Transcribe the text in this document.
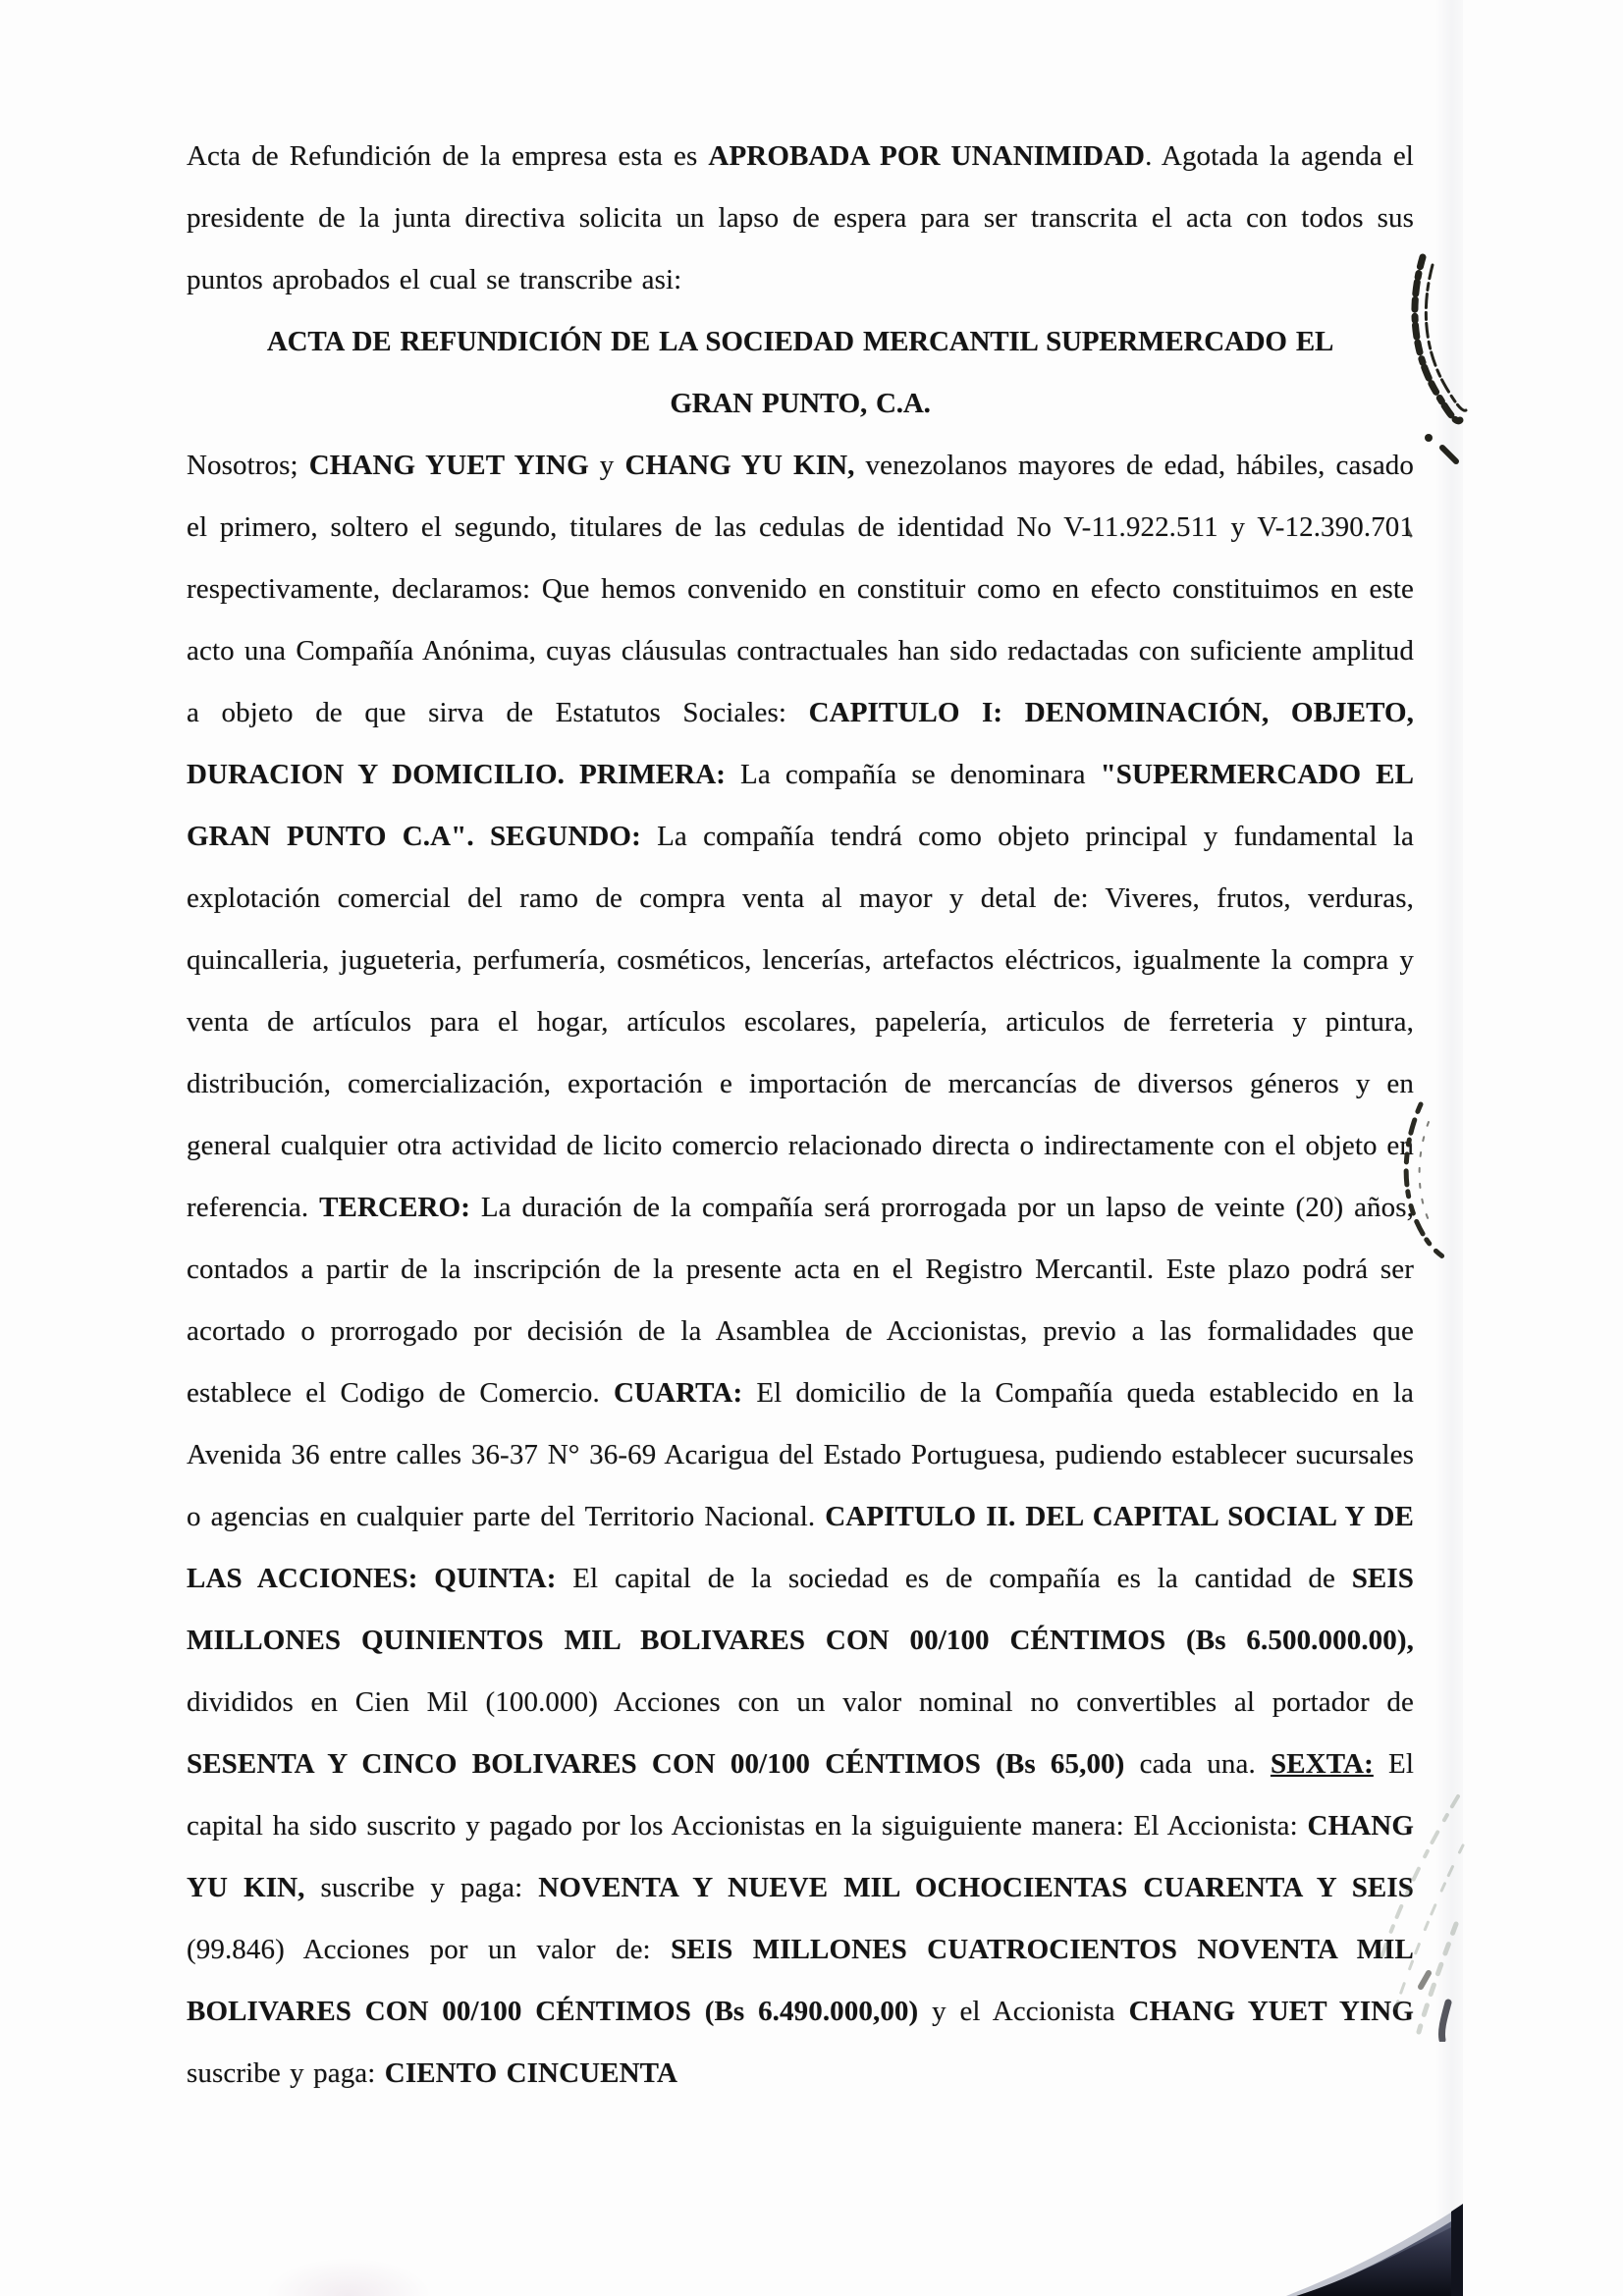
Acta de Refundición de la empresa esta es APROBADA POR UNANIMIDAD. Agotada la agenda el presidente de la junta directiva solicita un lapso de espera para ser transcrita el acta con todos sus puntos aprobados el cual se transcribe asi:

ACTA DE REFUNDICIÓN DE LA SOCIEDAD MERCANTIL SUPERMERCADO EL
GRAN PUNTO, C.A.

Nosotros; CHANG YUET YING y CHANG YU KIN, venezolanos mayores de edad, hábiles, casado el primero, soltero el segundo, titulares de las cedulas de identidad No V-11.922.511 y V-12.390.701 respectivamente, declaramos: Que hemos convenido en constituir como en efecto constituimos en este acto una Compañía Anónima, cuyas cláusulas contractuales han sido redactadas con suficiente amplitud a objeto de que sirva de Estatutos Sociales: CAPITULO I: DENOMINACIÓN, OBJETO, DURACION Y DOMICILIO. PRIMERA: La compañía se denominara "SUPERMERCADO EL GRAN PUNTO C.A". SEGUNDO: La compañía tendrá como objeto principal y fundamental la explotación comercial del ramo de compra venta al mayor y detal de: Viveres, frutos, verduras, quincalleria, jugueteria, perfumería, cosméticos, lencerías, artefactos eléctricos, igualmente la compra y venta de artículos para el hogar, artículos escolares, papelería, articulos de ferreteria y pintura, distribución, comercialización, exportación e importación de mercancías de diversos géneros y en general cualquier otra actividad de licito comercio relacionado directa o indirectamente con el objeto en referencia. TERCERO: La duración de la compañía será prorrogada por un lapso de veinte (20) años, contados a partir de la inscripción de la presente acta en el Registro Mercantil. Este plazo podrá ser acortado o prorrogado por decisión de la Asamblea de Accionistas, previo a las formalidades que establece el Codigo de Comercio. CUARTA: El domicilio de la Compañía queda establecido en la Avenida 36 entre calles 36-37 N° 36-69 Acarigua del Estado Portuguesa, pudiendo establecer sucursales o agencias en cualquier parte del Territorio Nacional. CAPITULO II. DEL CAPITAL SOCIAL Y DE LAS ACCIONES: QUINTA: El capital de la sociedad es de compañía es la cantidad de SEIS MILLONES QUINIENTOS MIL BOLIVARES CON 00/100 CÉNTIMOS (Bs 6.500.000.00), divididos en Cien Mil (100.000) Acciones con un valor nominal no convertibles al portador de SESENTA Y CINCO BOLIVARES CON 00/100 CÉNTIMOS (Bs 65,00) cada una. SEXTA: El capital ha sido suscrito y pagado por los Accionistas en la siguiguiente manera: El Accionista: CHANG YU KIN, suscribe y paga: NOVENTA Y NUEVE MIL OCHOCIENTAS CUARENTA Y SEIS (99.846) Acciones por un valor de: SEIS MILLONES CUATROCIENTOS NOVENTA MIL BOLIVARES CON 00/100 CÉNTIMOS (Bs 6.490.000,00) y el Accionista CHANG YUET YING suscribe y paga: CIENTO CINCUENTA
